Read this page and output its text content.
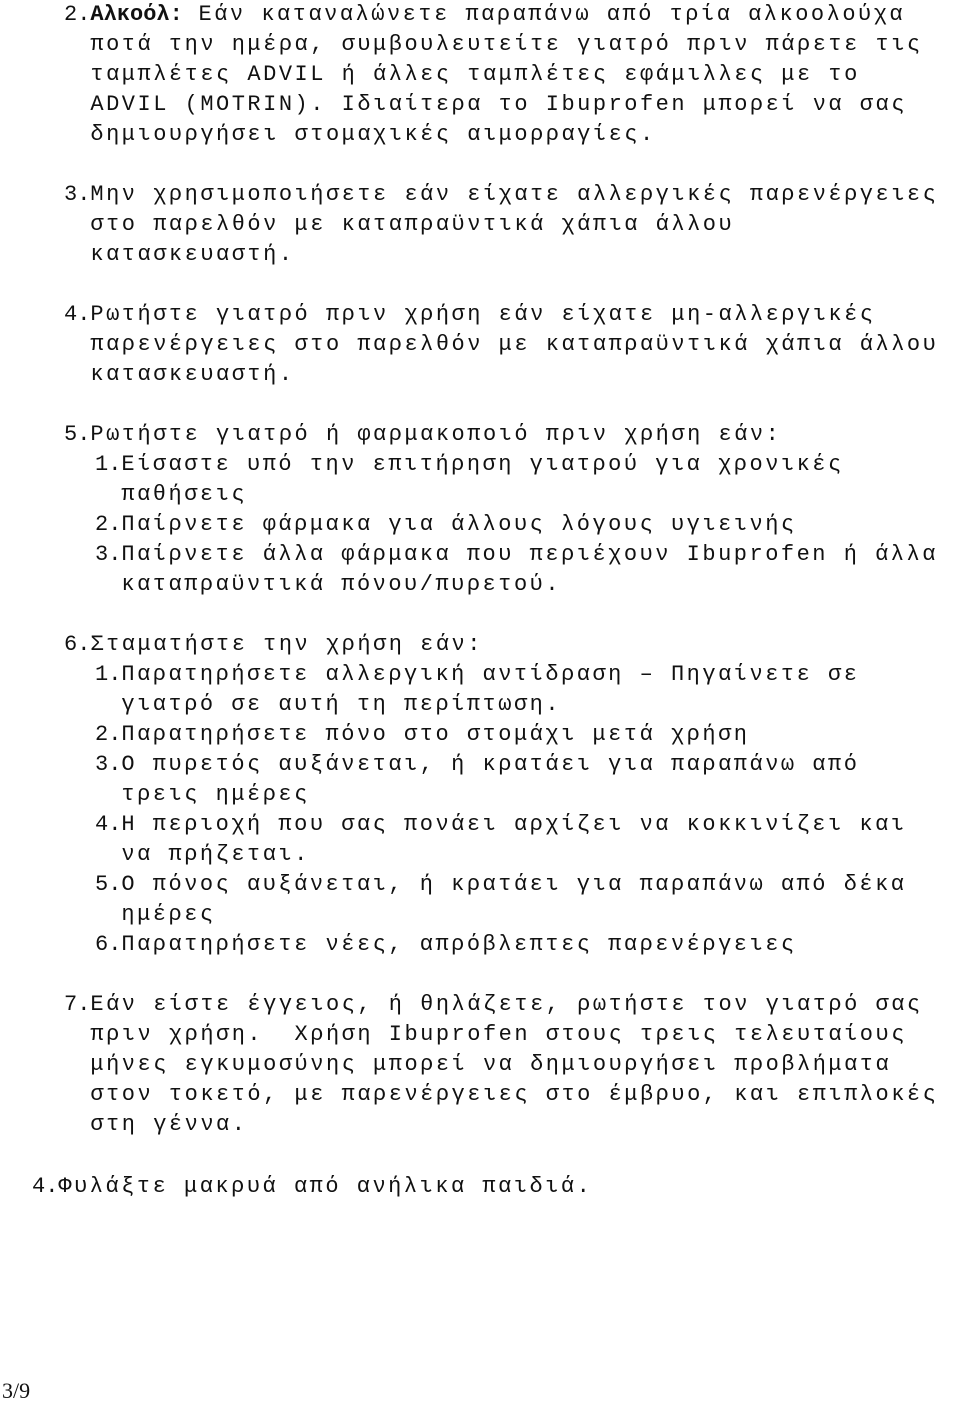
2. Αλκοόλ: Εάν καταναλώνετε παραπάνω από τρία αλκοολούχα
ποτά την ημέρα, συμβουλευτείτε γιατρό πριν πάρετε τις
ταμπλέτες ADVIL ή άλλες ταμπλέτες εφάμιλλες με το
ADVIL (MOTRIN). Ιδιαίτερα το Ibuprofen μπορεί να σας
δημιουργήσει στομαχικές αιμορραγίες.
3. Μην χρησιμοποιήσετε εάν είχατε αλλεργικές παρενέργειες
στο παρελθόν με καταπραϋντικά χάπια άλλου
κατασκευαστή.
4. Ρωτήστε γιατρό πριν χρήση εάν είχατε μη-αλλεργικές
παρενέργειες στο παρελθόν με καταπραϋντικά χάπια άλλου
κατασκευαστή.
5. Ρωτήστε γιατρό ή φαρμακοποιό πριν χρήση εάν:
1. Είσαστε υπό την επιτήρηση γιατρού για χρονικές
παθήσεις
2. Παίρνετε φάρμακα για άλλους λόγους υγιεινής
3. Παίρνετε άλλα φάρμακα που περιέχουν Ibuprofen ή άλλα
καταπραϋντικά πόνου/πυρετού.
6. Σταματήστε την χρήση εάν:
1. Παρατηρήσετε αλλεργική αντίδραση – Πηγαίνετε σε
γιατρό σε αυτή τη περίπτωση.
2. Παρατηρήσετε πόνο στο στομάχι μετά χρήση
3. Ο πυρετός αυξάνεται, ή κρατάει για παραπάνω από
τρεις ημέρες
4. Η περιοχή που σας πονάει αρχίζει να κοκκινίζει και
να πρήζεται.
5. Ο πόνος αυξάνεται, ή κρατάει για παραπάνω από δέκα
ημέρες
6. Παρατηρήσετε νέες, απρόβλεπτες παρενέργειες
7. Εάν είστε έγγειος, ή θηλάζετε, ρωτήστε τον γιατρό σας
πριν χρήση.  Χρήση Ibuprofen στους τρεις τελευταίους
μήνες εγκυμοσύνης μπορεί να δημιουργήσει προβλήματα
στον τοκετό, με παρενέργειες στο έμβρυο, και επιπλοκές
στη γέννα.
4. Φυλάξτε μακρυά από ανήλικα παιδιά.
3/9
